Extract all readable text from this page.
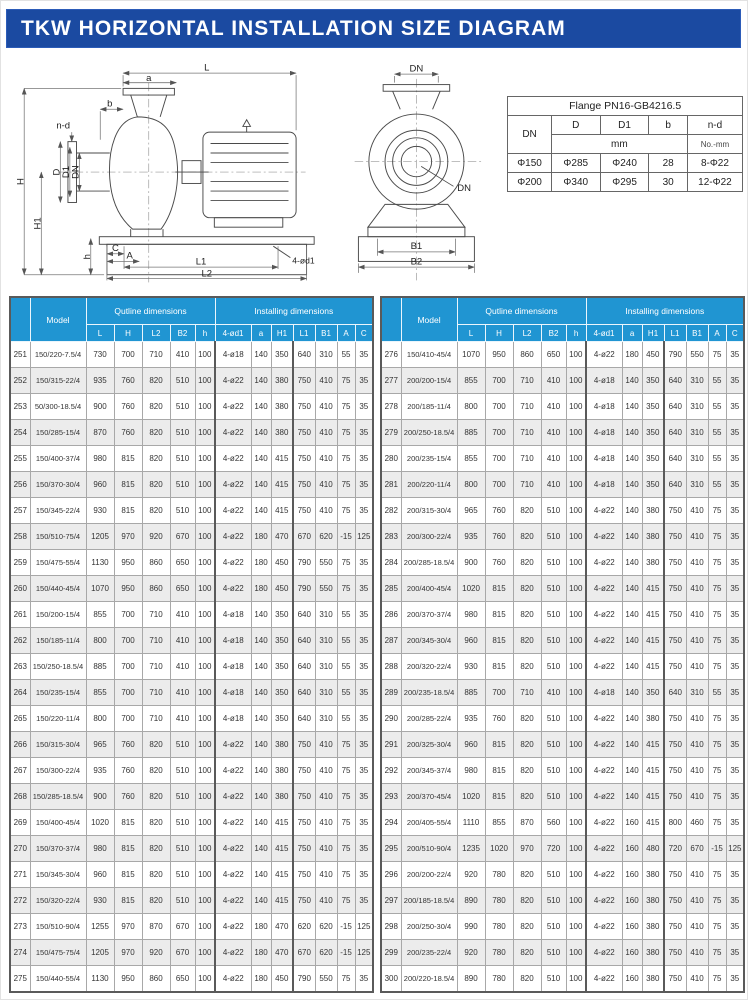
TKW HORIZONTAL INSTALLATION SIZE DIAGRAM
L
a
b
n-d
H
H1
D
D1
DN
h
C
A
L1
L2
4-ød1
DN
DN
B1
B2
Flange PN16-GB4216.5				
DN	D	D1	b	n-d
	mm			No.-mm
Φ150	Φ285	Φ240	28	8-Φ22
Φ200	Φ340	Φ295	30	12-Φ22
	Model	Qutline dimensions					Installing dimensions						
		L	H	L2	B2	h	4-ød1	a	H1	L1	B1	A	C
251	150/220-7.5/4	730	700	710	410	100	4-ø18	140	350	640	310	55	35
252	150/315-22/4	935	760	820	510	100	4-ø22	140	380	750	410	75	35
253	50/300-18.5/4	900	760	820	510	100	4-ø22	140	380	750	410	75	35
254	150/285-15/4	870	760	820	510	100	4-ø22	140	380	750	410	75	35
255	150/400-37/4	980	815	820	510	100	4-ø22	140	415	750	410	75	35
256	150/370-30/4	960	815	820	510	100	4-ø22	140	415	750	410	75	35
257	150/345-22/4	930	815	820	510	100	4-ø22	140	415	750	410	75	35
258	150/510-75/4	1205	970	920	670	100	4-ø22	180	470	670	620	-15	125
259	150/475-55/4	1130	950	860	650	100	4-ø22	180	450	790	550	75	35
260	150/440-45/4	1070	950	860	650	100	4-ø22	180	450	790	550	75	35
261	150/200-15/4	855	700	710	410	100	4-ø18	140	350	640	310	55	35
262	150/185-11/4	800	700	710	410	100	4-ø18	140	350	640	310	55	35
263	150/250-18.5/4	885	700	710	410	100	4-ø18	140	350	640	310	55	35
264	150/235-15/4	855	700	710	410	100	4-ø18	140	350	640	310	55	35
265	150/220-11/4	800	700	710	410	100	4-ø18	140	350	640	310	55	35
266	150/315-30/4	965	760	820	510	100	4-ø22	140	380	750	410	75	35
267	150/300-22/4	935	760	820	510	100	4-ø22	140	380	750	410	75	35
268	150/285-18.5/4	900	760	820	510	100	4-ø22	140	380	750	410	75	35
269	150/400-45/4	1020	815	820	510	100	4-ø22	140	415	750	410	75	35
270	150/370-37/4	980	815	820	510	100	4-ø22	140	415	750	410	75	35
271	150/345-30/4	960	815	820	510	100	4-ø22	140	415	750	410	75	35
272	150/320-22/4	930	815	820	510	100	4-ø22	140	415	750	410	75	35
273	150/510-90/4	1255	970	870	670	100	4-ø22	180	470	620	620	-15	125
274	150/475-75/4	1205	970	920	670	100	4-ø22	180	470	670	620	-15	125
275	150/440-55/4	1130	950	860	650	100	4-ø22	180	450	790	550	75	35
	Model	Qutline dimensions					Installing dimensions						
		L	H	L2	B2	h	4-ød1	a	H1	L1	B1	A	C
276	150/410-45/4	1070	950	860	650	100	4-ø22	180	450	790	550	75	35
277	200/200-15/4	855	700	710	410	100	4-ø18	140	350	640	310	55	35
278	200/185-11/4	800	700	710	410	100	4-ø18	140	350	640	310	55	35
279	200/250-18.5/4	885	700	710	410	100	4-ø18	140	350	640	310	55	35
280	200/235-15/4	855	700	710	410	100	4-ø18	140	350	640	310	55	35
281	200/220-11/4	800	700	710	410	100	4-ø18	140	350	640	310	55	35
282	200/315-30/4	965	760	820	510	100	4-ø22	140	380	750	410	75	35
283	200/300-22/4	935	760	820	510	100	4-ø22	140	380	750	410	75	35
284	200/285-18.5/4	900	760	820	510	100	4-ø22	140	380	750	410	75	35
285	200/400-45/4	1020	815	820	510	100	4-ø22	140	415	750	410	75	35
286	200/370-37/4	980	815	820	510	100	4-ø22	140	415	750	410	75	35
287	200/345-30/4	960	815	820	510	100	4-ø22	140	415	750	410	75	35
288	200/320-22/4	930	815	820	510	100	4-ø22	140	415	750	410	75	35
289	200/235-18.5/4	885	700	710	410	100	4-ø18	140	350	640	310	55	35
290	200/285-22/4	935	760	820	510	100	4-ø22	140	380	750	410	75	35
291	200/325-30/4	960	815	820	510	100	4-ø22	140	415	750	410	75	35
292	200/345-37/4	980	815	820	510	100	4-ø22	140	415	750	410	75	35
293	200/370-45/4	1020	815	820	510	100	4-ø22	140	415	750	410	75	35
294	200/405-55/4	1110	855	870	560	100	4-ø22	160	415	800	460	75	35
295	200/510-90/4	1235	1020	970	720	100	4-ø22	160	480	720	670	-15	125
296	200/200-22/4	920	780	820	510	100	4-ø22	160	380	750	410	75	35
297	200/185-18.5/4	890	780	820	510	100	4-ø22	160	380	750	410	75	35
298	200/250-30/4	990	780	820	510	100	4-ø22	160	380	750	410	75	35
299	200/235-22/4	920	780	820	510	100	4-ø22	160	380	750	410	75	35
300	200/220-18.5/4	890	780	820	510	100	4-ø22	160	380	750	410	75	35
